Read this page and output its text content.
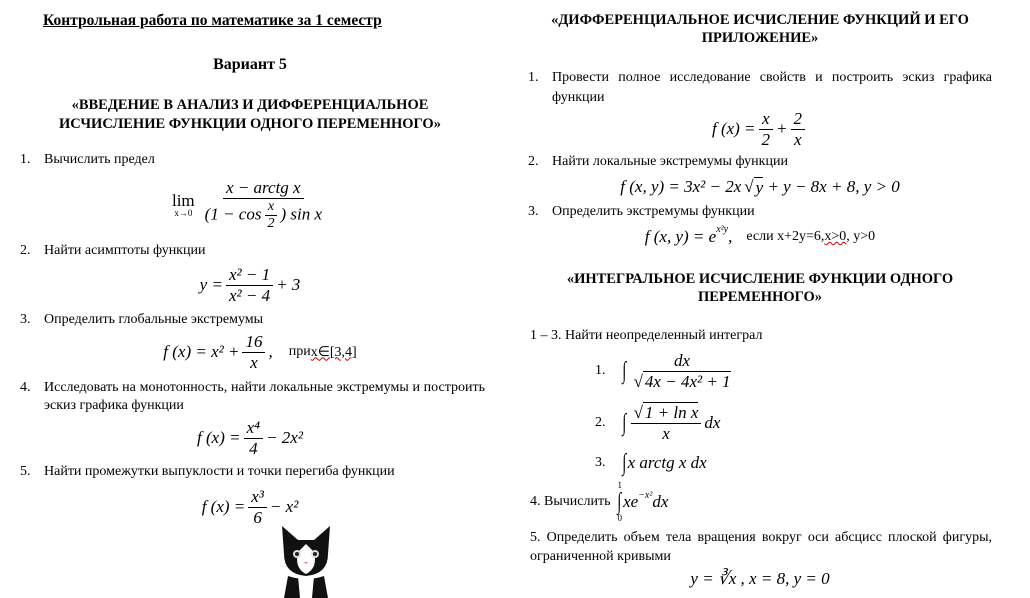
Контрольная работа по математике за 1 семестр
Вариант 5
«ВВЕДЕНИЕ В АНАЛИЗ И ДИФФЕРЕНЦИАЛЬНОЕ ИСЧИСЛЕНИЕ ФУНКЦИИ ОДНОГО ПЕРЕМЕННОГО»
1. Вычислить предел
lim
$x\to 0 \frac{\text{x − arctg x}}{(1 - \cos \frac{x}{2} ) \sin x}$
2. Найти асимптоты функции
$y = \frac{\text{x² − 1}}{\text{x² − 4}} + 3$
3. Определить глобальные экстремумы
f $(x) = x^2 + \frac{16}{x}$ , при x∈[3,4]
4. Исследовать на монотонность, найти локальные экстремумы и построить эскиз графика функции
f $(x) = \frac{\text{x⁴}}{4} - 2x^2$
5. Найти промежутки выпуклости и точки перегиба функции
f $(x) = \frac{\text{x³}}{6} - x^2$
«ДИФФЕРЕНЦИАЛЬНОЕ ИСЧИСЛЕНИЕ ФУНКЦИЙ И ЕГО ПРИЛОЖЕНИЕ»
1. Провести полное исследование свойств и построить эскиз графика функции
f $(x) = \frac{x}{2} + \frac{2}{x}$
2. Найти локальные экстремумы функции
f (x, y) = 3x² − 2x √ y
+ y − 8x + 8, y > 0
3. Определить экстремумы функции
f (x, $y) = e^{x^2y}$ , если x+2y=6, x>0 , y>0
«ИНТЕГРАЛЬНОЕ ИСЧИСЛЕНИЕ ФУНКЦИИ ОДНОГО ПЕРЕМЕННОГО»
1 – 3. Найти неопределенный интеграл
1. ∫ $\frac{dx}{\text{√ 4x − 4x² + 1}}$
2. ∫ $\frac{\text{√ 1 + ln x}}{x}$ dx
3. ∫ x arctg x dx
4. Вычислить
1
∫
0
$xe^{-x^2}$ dx
5. Определить объем тела вращения вокруг оси абсцисс плоской фигуры, ограниченной кривыми
y = ∛x , x = 8, y = 0
